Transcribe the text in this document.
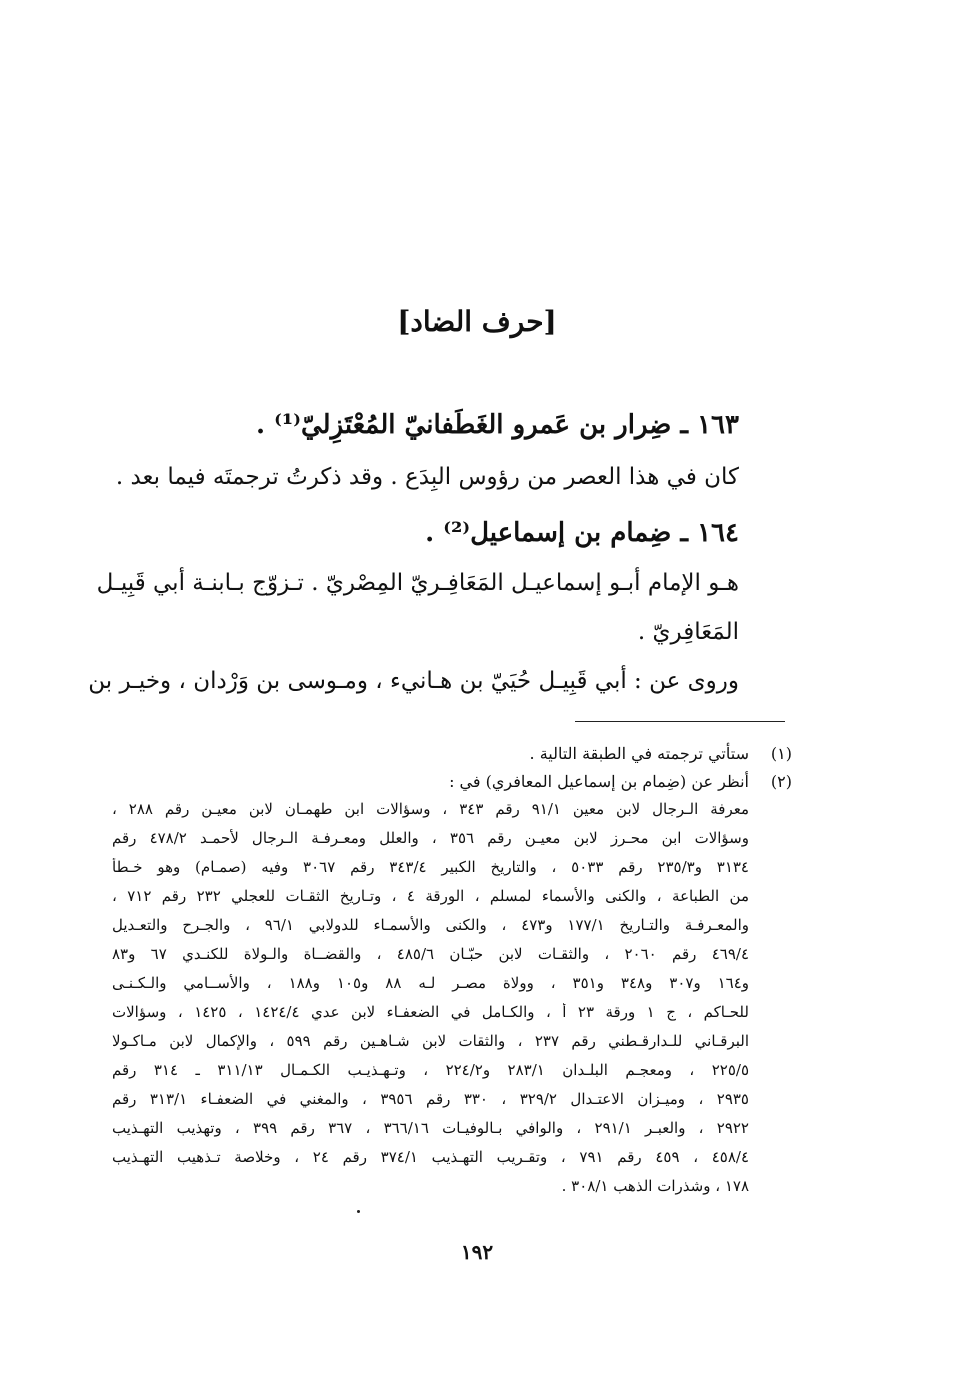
[حرف الضاد]
١٦٣ ـ ضِرار بن عَمرو الغَطَفانيّ المُعْتَزِليّ⁽¹⁾ .
كان في هذا العصر من رؤوس البِدَع . وقد ذكرتُ ترجمتَه فيما بعد .
١٦٤ ـ ضِمام بن إسماعيل⁽²⁾ .
هـو الإمام أبـو إسماعيـل المَعَافِـريّ المِصْريّ . تـزوّج بـابنـة أبي قَبِيـل
المَعَافِريّ .
وروى عن : أبي قَبِيـل حُيَيّ بن هـانيء ، ومـوسى بن وَرْدان ، وخيـر بن
(١)
ستأتي ترجمته في الطبقة التالية .
(٢)
أنظر عن (ضِمام بن إسماعيل المعافري) في :
معرفة الـرجال لابن معين ٩١/١ رقم ٣٤٣ ، وسؤالات ابن طهمـان لابن معيـن رقم ٢٨٨ ،
وسؤالات ابن محـرز لابن معيـن رقم ٣٥٦ ، والعلل ومعـرفـة الـرجال لأحمـد ٤٧٨/٢ رقم
٣١٣٤ و٢٣٥/٣ رقم ٥٠٣٣ ، والتاريخ الكبير ٣٤٣/٤ رقم ٣٠٦٧ وفيه (صمـام) وهو خـطأ
من الطباعة ، والكنى والأسماء لمسلم ، الورقة ٤ ، وتـاريخ الثقـات للعجلي ٢٣٢ رقم ٧١٢ ،
والمعـرفـة والتـاريخ ١٧٧/١ و٤٧٣ ، والكنى والأسمـاء للدولابي ٩٦/١ ، والجـرح والتعـديل
٤٦٩/٤ رقم ٢٠٦٠ ، والثقـات لابن حبّـان ٤٨٥/٦ ، والقضــاة والـولاة للكنـدي ٦٧ و٨٣
و١٦٤ و٣٠٧ و٣٤٨ و٣٥١ ، وولاة مصـر لـه ٨٨ و١٠٥ و١٨٨ ، والأســامي والـكـنـى
للحـاكم ، ج ١ ورقة ٢٣ أ ، والكـامل في الضعفـاء لابن عدي ١٤٢٤/٤ ، ١٤٢٥ ، وسؤالات
البرقـاني للـدارقـطني رقم ٢٣٧ ، والثقات لابن شـاهـين رقم ٥٩٩ ، والإكمال لابن مـاكـولا
٢٢٥/٥ ، ومعجـم البلـدان ٢٨٣/١ و٢٢٤/٢ ، وتـهـذيـب الكـمـال ٣١١/١٣ ـ ٣١٤ رقم
٢٩٣٥ ، وميـزان الاعتـدال ٣٢٩/٢ ، ٣٣٠ رقم ٣٩٥٦ ، والمغني في الضعفـاء ٣١٣/١ رقم
٢٩٢٢ ، والعبـر ٢٩١/١ ، والوافي بـالوفيـات ٣٦٦/١٦ ، ٣٦٧ رقم ٣٩٩ ، وتهذيب التهـذيب
٤٥٨/٤ ، ٤٥٩ رقم ٧٩١ ، وتقـريب التهـذيب ٣٧٤/١ رقم ٢٤ ، وخلاصة تـذهيب التهـذيب
١٧٨ ، وشذرات الذهب ٣٠٨/١ .
١٩٢
